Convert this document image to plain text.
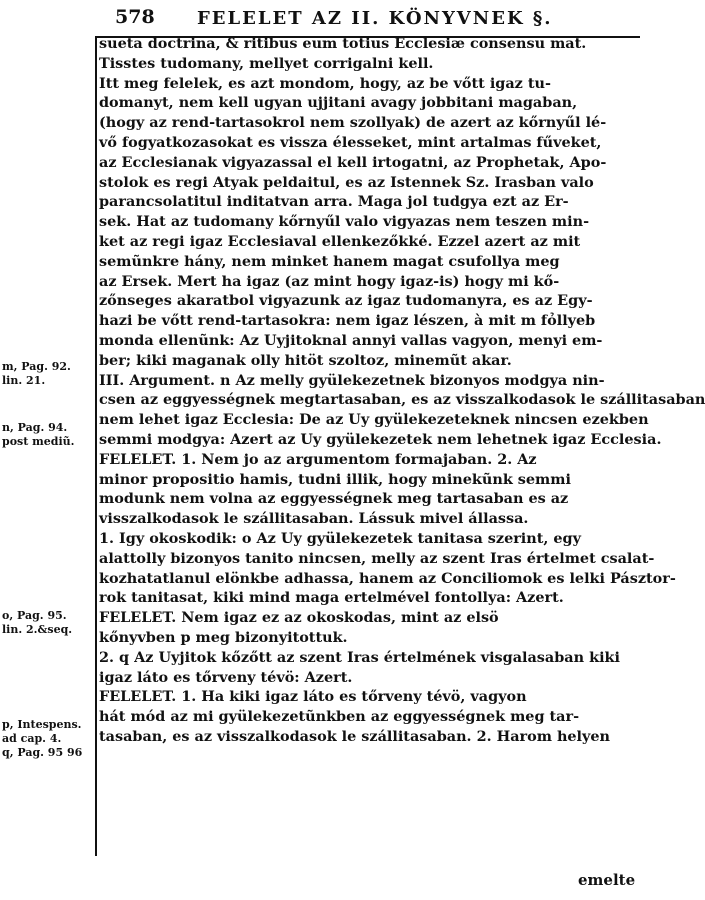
578 FELELET AZ II. KÖNYVNEK §.
m, Pag. 92.
lin. 21.
n, Pag. 94.
post mediũ.
o, Pag. 95.
lin. 2.&seq.
p, Intespens.
ad cap. 4.
q, Pag. 95 96
sueta doctrina, & ritibus eum totius Ecclesiæ consensu mat.
Tisstes tudomany, mellyet corrigalni kell.
Itt meg felelek, es azt mondom, hogy, az be vőtt igaz tu-
domanyt, nem kell ugyan ujjitani avagy jobbitani magaban,
(hogy az rend-tartasokrol nem szollyak) de azert az kőrnyűl lé-
vő fogyatkozasokat es vissza élesseket, mint artalmas fűveket,
az Ecclesianak vigyazassal el kell irtogatni, az Prophetak, Apo-
stolok es regi Atyak peldaitul, es az Istennek Sz. Irasban valo
parancsolatitul inditatvan arra. Maga jol tudgya ezt az Er-
sek. Hat az tudomany kőrnyűl valo vigyazas nem teszen min-
ket az regi igaz Ecclesiaval ellenkezőkké. Ezzel azert az mit
semũnkre hány, nem minket hanem magat csufollya meg
az Ersek. Mert ha igaz (az mint hogy igaz-is) hogy mi kő-
zőnseges akaratbol vigyazunk az igaz tudomanyra, es az Egy-
hazi be vőtt rend-tartasokra: nem igaz lészen, à mit m fỏllyeb
monda ellenũnk: Az Uyjitoknal annyi vallas vagyon, menyi em-
ber; kiki maganak olly hitöt szoltoz, minemũt akar.
III. Argument. n Az melly gyülekezetnek bizonyos modgya nin-
csen az eggyességnek megtartasaban, es az visszalkodasok le szállitasaban
nem lehet igaz Ecclesia: De az Uy gyülekezeteknek nincsen ezekben
semmi modgya: Azert az Uy gyülekezetek nem lehetnek igaz Ecclesia.
FELELET. 1. Nem jo az argumentom formajaban. 2. Az
minor propositio hamis, tudni illik, hogy minekũnk semmi
modunk nem volna az eggyességnek meg tartasaban es az
visszalkodasok le szállitasaban. Lássuk mivel állassa.
1. Igy okoskodik: o Az Uy gyülekezetek tanitasa szerint, egy
alattolly bizonyos tanito nincsen, melly az szent Iras értelmet csalat-
kozhatatlanul elönkbe adhassa, hanem az Conciliomok es lelki Pásztor-
rok tanitasat, kiki mind maga ertelmével fontollya: Azert.
FELELET. Nem igaz ez az okoskodas, mint az elsö
kőnyvben p meg bizonyitottuk.
2. q Az Uyjitok kőzőtt az szent Iras értelmének visgalasaban kiki
igaz láto es tőrveny tévö: Azert.
FELELET. 1. Ha kiki igaz láto es tőrveny tévö, vagyon
hát mód az mi gyülekezetũnkben az eggyességnek meg tar-
tasaban, es az visszalkodasok le szállitasaban. 2. Harom helyen
emelte
